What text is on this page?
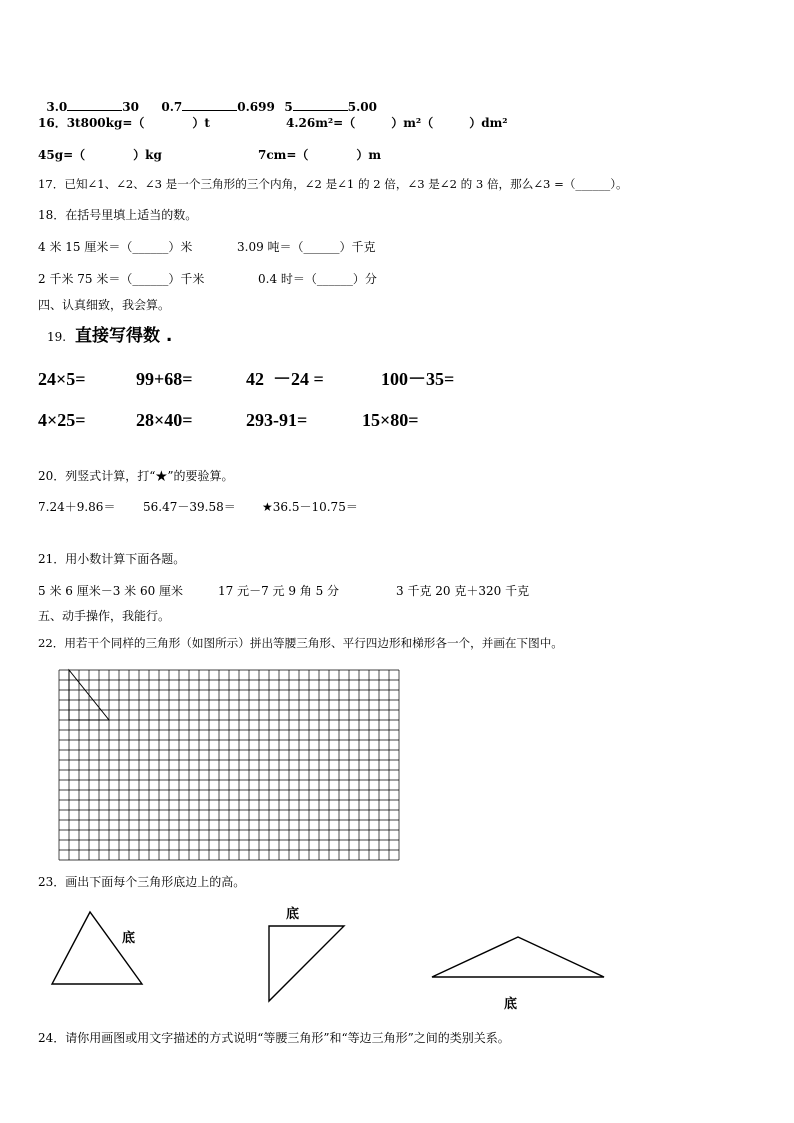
3.0	30	0.7	0.699 5	5.00

16．3t800kg=（　　　　）t	4.26m²=（　　　）m²（　　　）dm²
45g=（　　　　）kg	7cm=（　　　　）m
17．已知∠1、∠2、∠3 是一个三角形的三个内角，∠2 是∠1 的 2 倍，∠3 是∠2 的 3 倍，那么∠3 =（______）。
18．在括号里填上适当的数。
4 米 15 厘米＝（______）米	3.09 吨＝（______）千克
2 千米 75 米＝（______）千米	0.4 时＝（______）分
四、认真细致，我会算。
19. 直接写得数 .
24×5=	99+68=	42  －24 =	100－35=
4×25=	28×40=	293-91=	15×80=
20．列竖式计算，打“★”的要验算。
7.24＋9.86＝ 56.47－39.58＝ ★36.5－10.75＝
21．用小数计算下面各题。
5 米 6 厘米－3 米 60 厘米	17 元－7 元 9 角 5 分	3 千克 20 克＋320 千克
五、动手操作，我能行。
22．用若干个同样的三角形（如图所示）拼出等腰三角形、平行四边形和梯形各一个，并画在下图中。
23．画出下面每个三角形底边上的高。
底
底
底
24．请你用画图或用文字描述的方式说明“等腰三角形”和“等边三角形”之间的类别关系。
